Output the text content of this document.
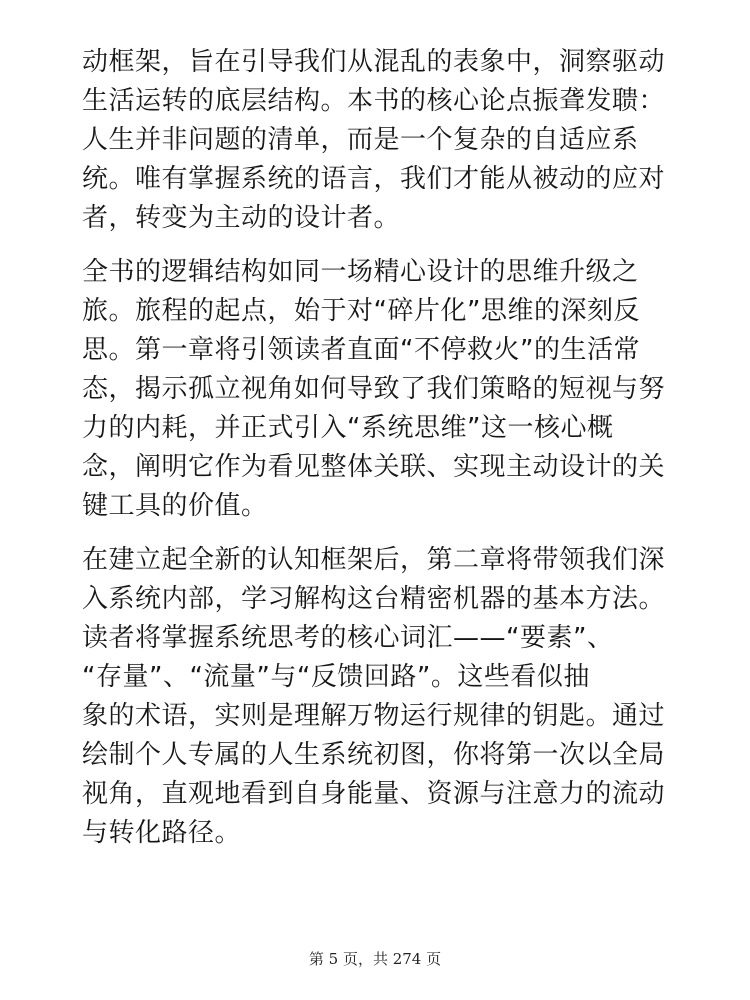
动框架，旨在引导我们从混乱的表象中，洞察驱动
生活运转的底层结构。本书的核心论点振聋发聩：
人生并非问题的清单，而是一个复杂的自适应系
统。唯有掌握系统的语言，我们才能从被动的应对
者，转变为主动的设计者。

全书的逻辑结构如同一场精心设计的思维升级之
旅。旅程的起点，始于对“碎片化”思维的深刻反
思。第一章将引领读者直面“不停救火”的生活常
态，揭示孤立视角如何导致了我们策略的短视与努
力的内耗，并正式引入“系统思维”这一核心概
念，阐明它作为看见整体关联、实现主动设计的关
键工具的价值。

在建立起全新的认知框架后，第二章将带领我们深
入系统内部，学习解构这台精密机器的基本方法。
读者将掌握系统思考的核心词汇——“要素”、
“存量”、“流量”与“反馈回路”。这些看似抽
象的术语，实则是理解万物运行规律的钥匙。通过
绘制个人专属的人生系统初图，你将第一次以全局
视角，直观地看到自身能量、资源与注意力的流动
与转化路径。

第 5 页，共 274 页
